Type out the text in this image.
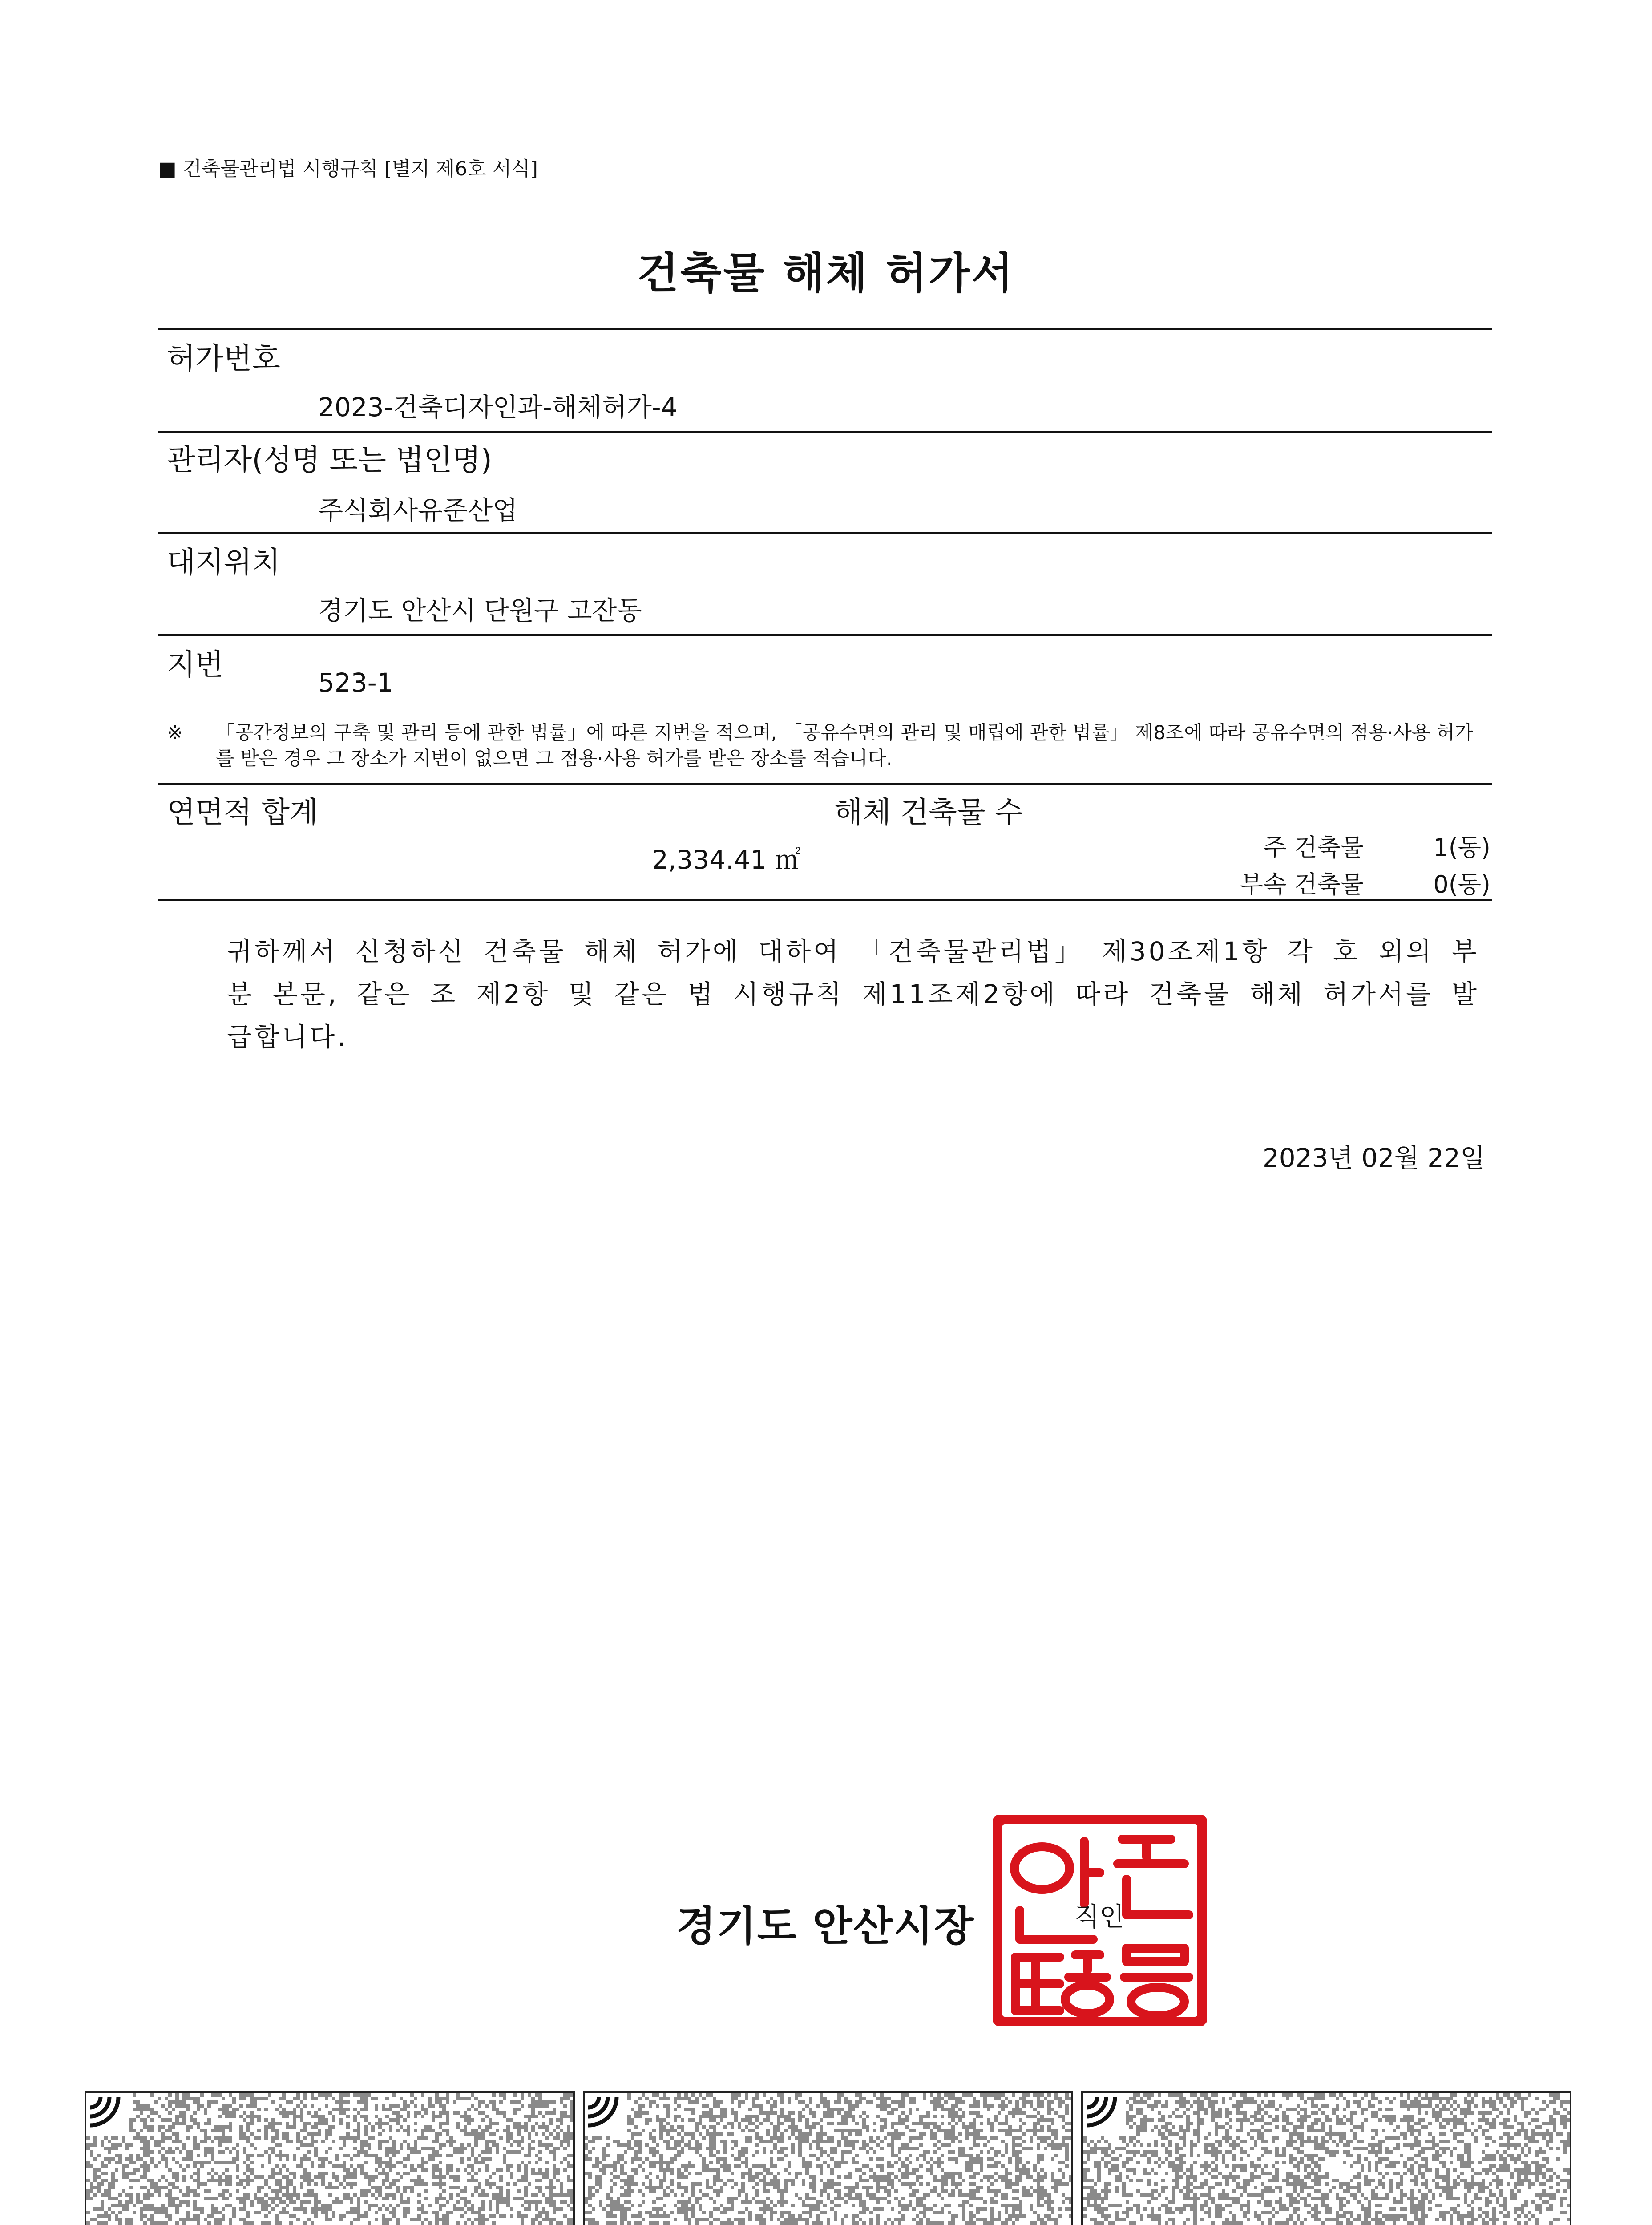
■ 건축물관리법 시행규칙 [별지 제6호 서식]
건축물 해체 허가서
허가번호
2023-건축디자인과-해체허가-4
관리자(성명 또는 법인명)
주식회사유준산업
대지위치
경기도 안산시 단원구 고잔동
지번
523-1
※ 「공간정보의 구축 및 관리 등에 관한 법률」에 따른 지번을 적으며, 「공유수면의 관리 및 매립에 관한 법률」 제8조에 따라 공유수면의 점용·사용 허가를 받은 경우 그 장소가 지번이 없으면 그 점용·사용 허가를 받은 장소를 적습니다.
연면적 합계
2,334.41 ㎡
해체 건축물 수
주 건축물	1(동)
부속 건축물	0(동)
귀하께서 신청하신 건축물 해체 허가에 대하여 「건축물관리법」 제30조제1항 각 호 외의 부분 본문, 같은 조 제2항 및 같은 법 시행규칙 제11조제2항에 따라 건축물 해체 허가서를 발급합니다.
2023년 02월 22일
경기도 안산시장	직인
